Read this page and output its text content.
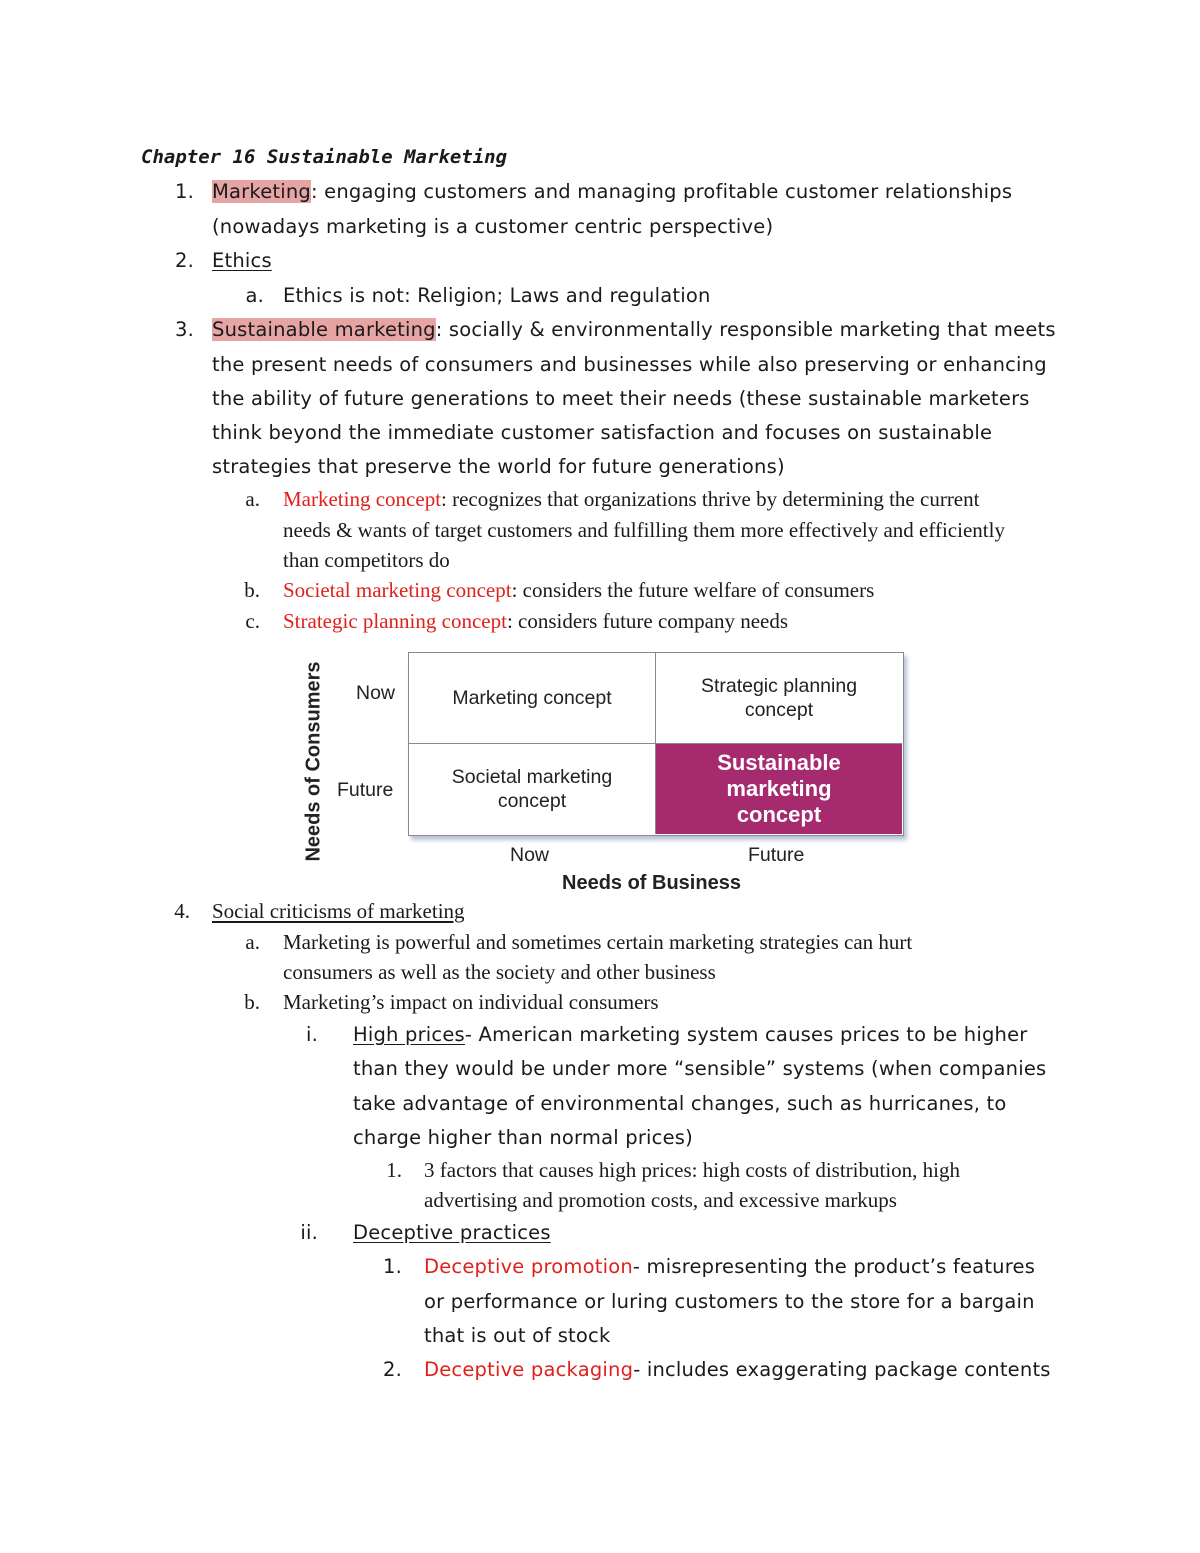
Chapter 16 Sustainable Marketing
1. Marketing: engaging customers and managing profitable customer relationships
(nowadays marketing is a customer centric perspective)
2. Ethics
a. Ethics is not: Religion; Laws and regulation
3. Sustainable marketing: socially & environmentally responsible marketing that meets
the present needs of consumers and businesses while also preserving or enhancing
the ability of future generations to meet their needs (these sustainable marketers
think beyond the immediate customer satisfaction and focuses on sustainable
strategies that preserve the world for future generations)
a. Marketing concept: recognizes that organizations thrive by determining the current
needs & wants of target customers and fulfilling them more effectively and efficiently
than competitors do
b. Societal marketing concept: considers the future welfare of consumers
c. Strategic planning concept: considers future company needs
Needs of Consumers Now
Future
Marketing concept
Strategic planning
concept
Societal marketing
concept
Sustainable
marketing
concept
Now	Future
Needs of Business
4. Social criticisms of marketing
a. Marketing is powerful and sometimes certain marketing strategies can hurt
consumers as well as the society and other business
b. Marketing’s impact on individual consumers
i. High prices- American marketing system causes prices to be higher
than they would be under more “sensible” systems (when companies
take advantage of environmental changes, such as hurricanes, to
charge higher than normal prices)
1. 3 factors that causes high prices: high costs of distribution, high
advertising and promotion costs, and excessive markups
ii. Deceptive practices
1. Deceptive promotion- misrepresenting the product’s features
or performance or luring customers to the store for a bargain
that is out of stock
2. Deceptive packaging- includes exaggerating package contents
